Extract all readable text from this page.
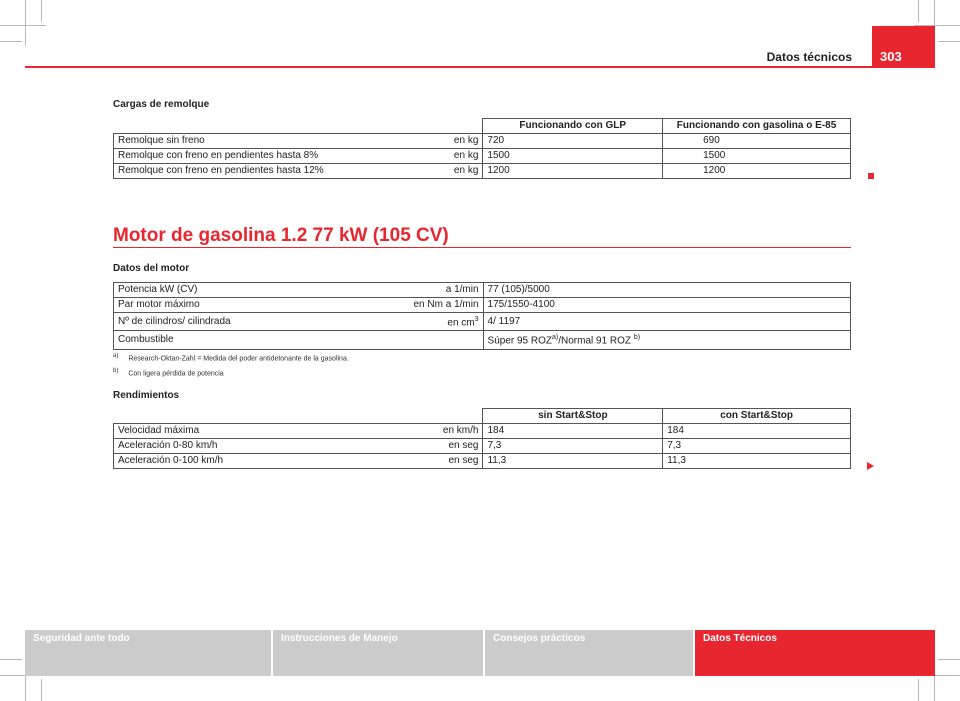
Datos técnicos	303
Cargas de remolque
		Funcionando con GLP	Funcionando con gasolina o E-85
Remolque sin freno	en kg	720	690
Remolque con freno en pendientes hasta 8%	en kg	1500	1500
Remolque con freno en pendientes hasta 12%	en kg	1200	1200
Motor de gasolina 1.2 77 kW (105 CV)
Datos del motor
Potencia kW (CV)	a 1/min	77 (105)/5000
Par motor máximo	en Nm a 1/min	175/1550-4100
Nº de cilindros/ cilindrada	en $cm^3$	4/ 1197
Combustible		Súper 95 ROZ$^{a)}$/Normal 91 ROZ $^{b)}$
$^{a)}$ Research-Oktan-Zahl = Medida del poder antidetonante de la gasolina.
$^{b)}$ Con ligera pérdida de potencia
Rendimientos
		sin Start&Stop	con Start&Stop
Velocidad máxima	en km/h	184	184
Aceleración 0-80 km/h	en seg	7,3	7,3
Aceleración 0-100 km/h	en seg	11,3	11,3
Seguridad ante todo	Instrucciones de Manejo	Consejos prácticos	Datos Técnicos
